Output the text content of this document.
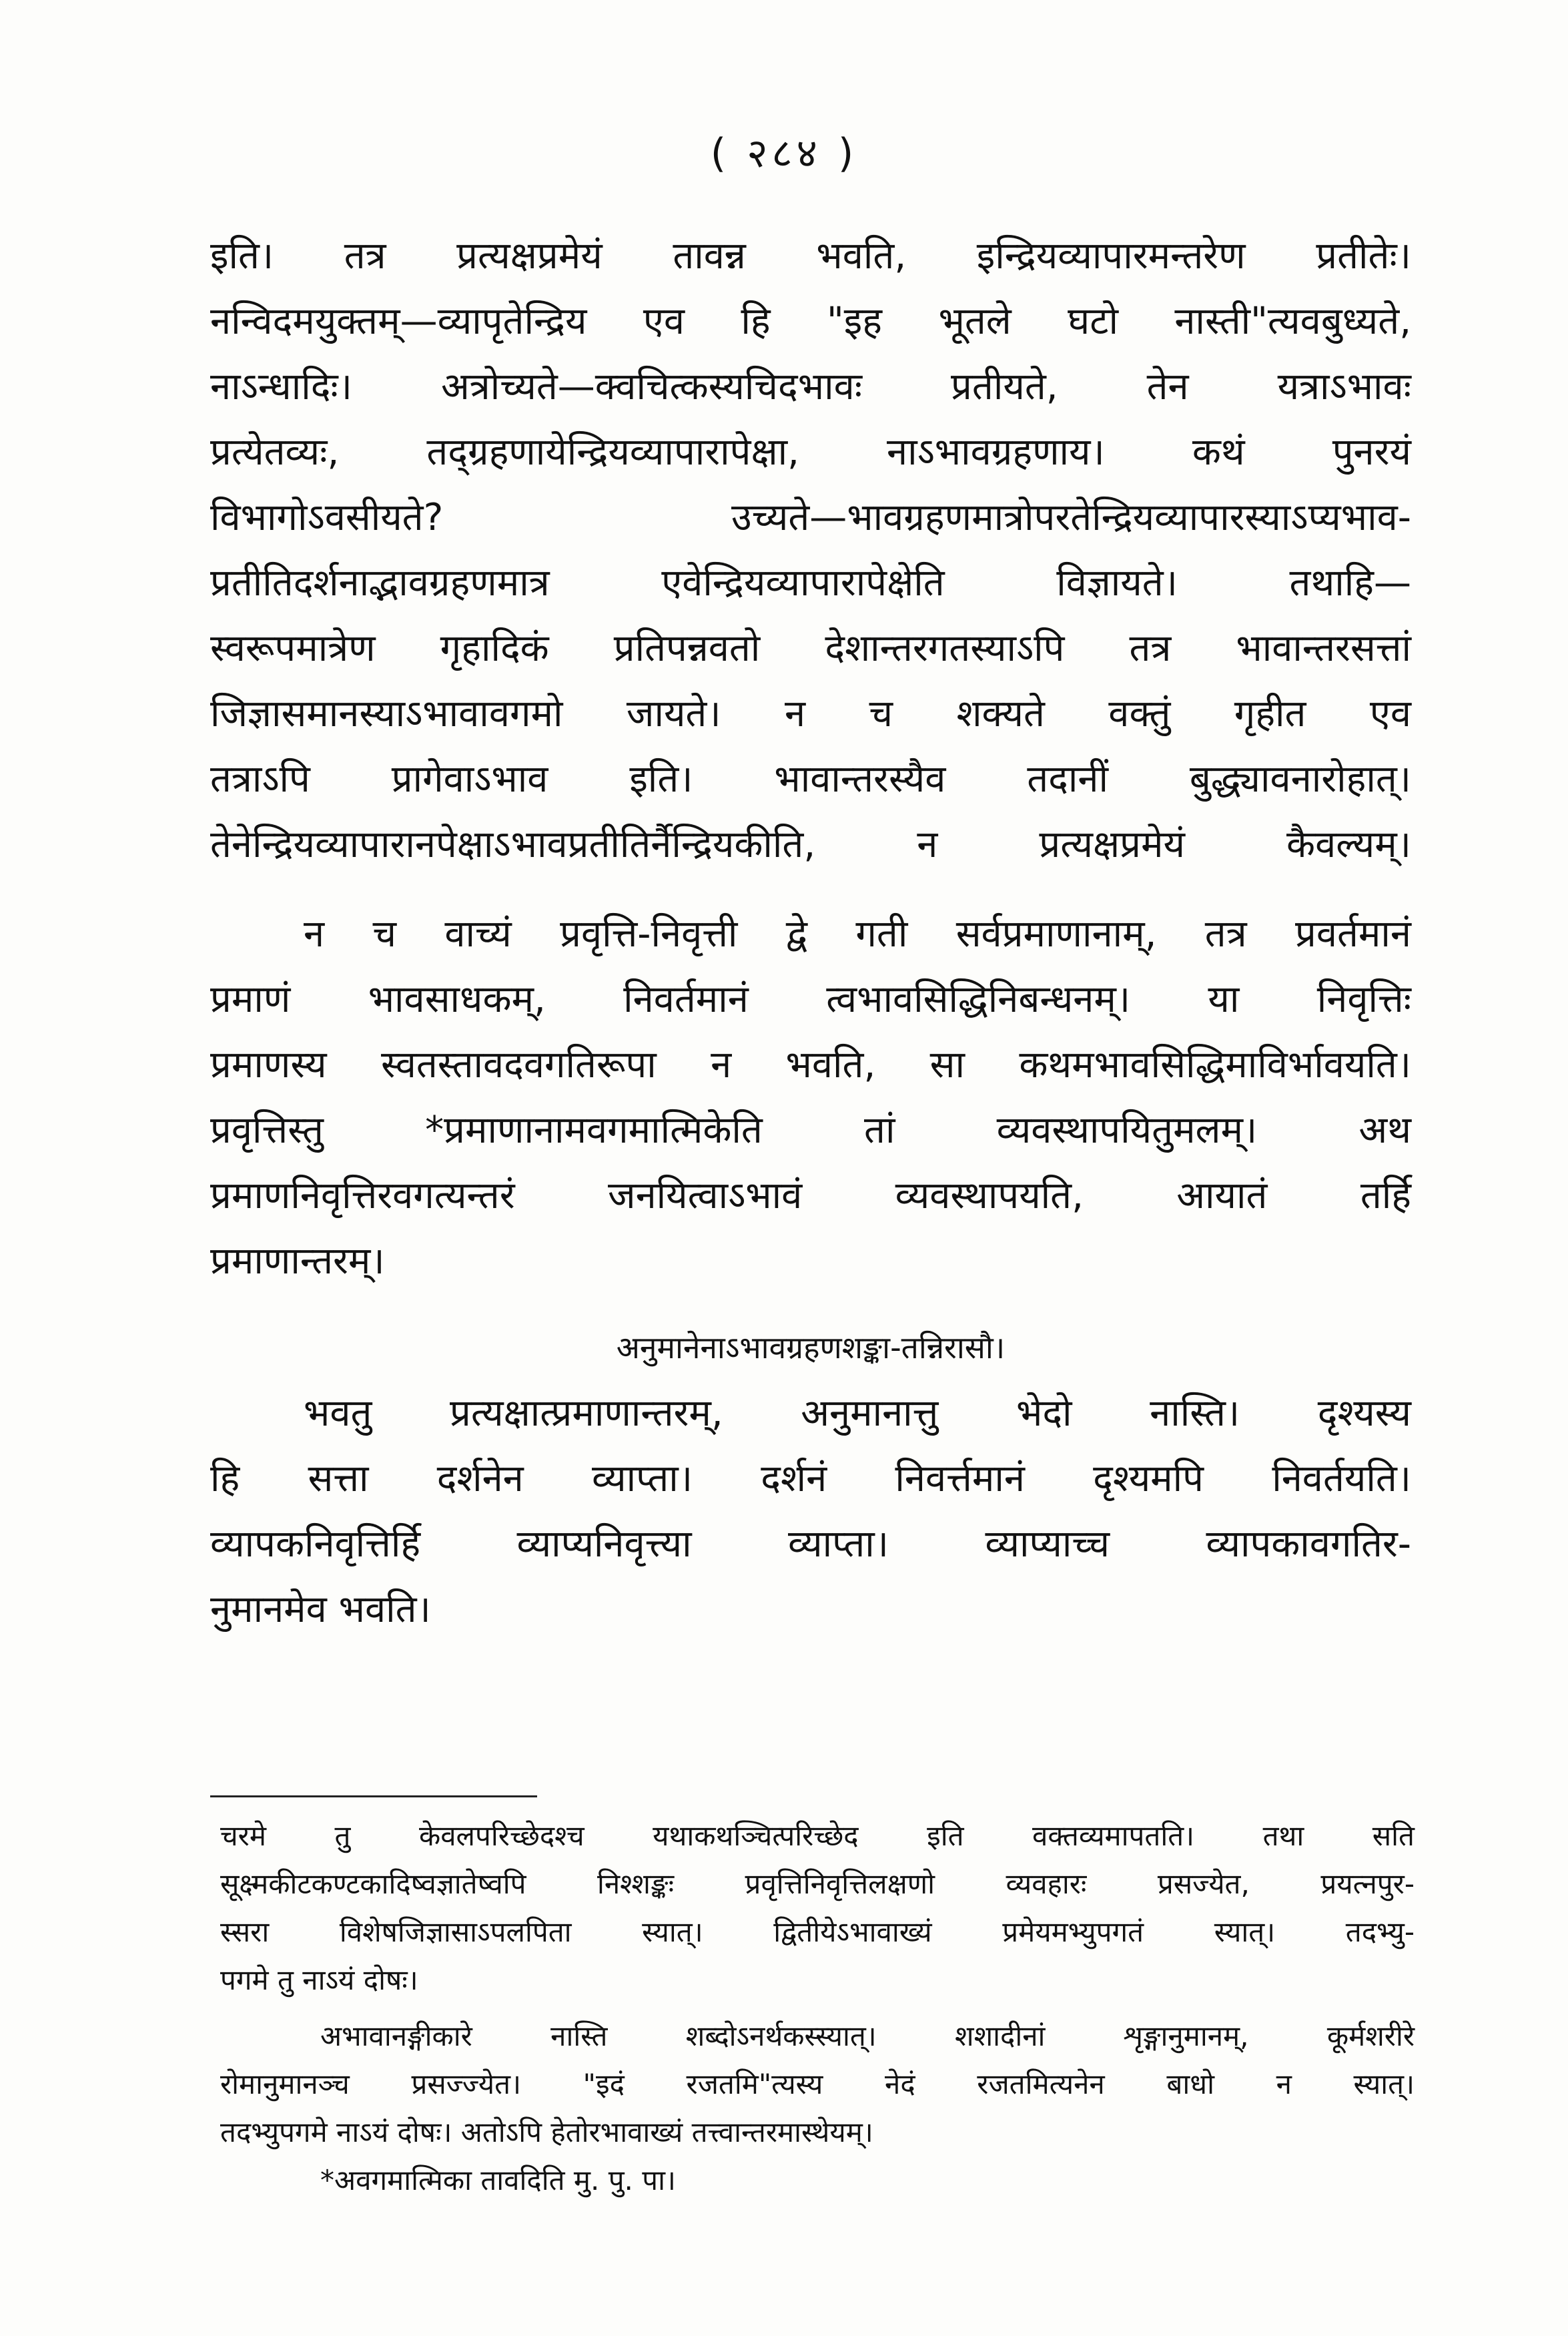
( २८४ )

इति। तत्र प्रत्यक्षप्रमेयं तावन्न भवति, इन्द्रियव्यापारमन्तरेण प्रतीतेः।
नन्विदमयुक्तम्—व्यापृतेन्द्रिय एव हि "इह भूतले घटो नास्ती"त्यवबुध्यते,
नाऽन्धादिः। अत्रोच्यते—क्वचित्कस्यचिदभावः प्रतीयते, तेन यत्राऽभावः
प्रत्येतव्यः, तद्ग्रहणायेन्द्रियव्यापारापेक्षा, नाऽभावग्रहणाय। कथं पुनरयं
विभागोऽवसीयते? उच्यते—भावग्रहणमात्रोपरतेन्द्रियव्यापारस्याऽप्यभाव-
प्रतीतिदर्शनाद्भावग्रहणमात्र एवेन्द्रियव्यापारापेक्षेति विज्ञायते। तथाहि—
स्वरूपमात्रेण गृहादिकं प्रतिपन्नवतो देशान्तरगतस्याऽपि तत्र भावान्तरसत्तां
जिज्ञासमानस्याऽभावावगमो जायते। न च शक्यते वक्तुं गृहीत एव
तत्राऽपि प्रागेवाऽभाव इति। भावान्तरस्यैव तदानीं बुद्ध्यावनारोहात्।
तेनेन्द्रियव्यापारानपेक्षाऽभावप्रतीतिर्नैन्द्रियकीति, न प्रत्यक्षप्रमेयं कैवल्यम्।

न च वाच्यं प्रवृत्ति-निवृत्ती द्वे गती सर्वप्रमाणानाम्, तत्र प्रवर्तमानं
प्रमाणं भावसाधकम्, निवर्तमानं त्वभावसिद्धिनिबन्धनम्। या निवृत्तिः
प्रमाणस्य स्वतस्तावदवगतिरूपा न भवति, सा कथमभावसिद्धिमाविर्भावयति।
प्रवृत्तिस्तु *प्रमाणानामवगमात्मिकेति तां व्यवस्थापयितुमलम्। अथ
प्रमाणनिवृत्तिरवगत्यन्तरं जनयित्वाऽभावं व्यवस्थापयति, आयातं तर्हि
प्रमाणान्तरम्।

अनुमानेनाऽभावग्रहणशङ्का-तन्निरासौ।

भवतु प्रत्यक्षात्प्रमाणान्तरम्, अनुमानात्तु भेदो नास्ति। दृश्यस्य
हि सत्ता दर्शनेन व्याप्ता। दर्शनं निवर्त्तमानं दृश्यमपि निवर्तयति।
व्यापकनिवृत्तिर्हि व्याप्यनिवृत्त्या व्याप्ता। व्याप्याच्च व्यापकावगतिर-
नुमानमेव भवति।

चरमे तु केवलपरिच्छेदश्च यथाकथञ्चित्परिच्छेद इति वक्तव्यमापतति। तथा सति
सूक्ष्मकीटकण्टकादिष्वज्ञातेष्वपि निश्शङ्कः प्रवृत्तिनिवृत्तिलक्षणो व्यवहारः प्रसज्येत, प्रयत्नपुर-
स्सरा विशेषजिज्ञासाऽपलपिता स्यात्। द्वितीयेऽभावाख्यं प्रमेयमभ्युपगतं स्यात्। तदभ्यु-
पगमे तु नाऽयं दोषः।

अभावानङ्गीकारे नास्ति शब्दोऽनर्थकस्स्यात्। शशादीनां शृङ्गानुमानम्, कूर्मशरीरे
रोमानुमानञ्च प्रसज्ज्येत। "इदं रजतमि"त्यस्य नेदं रजतमित्यनेन बाधो न स्यात्।
तदभ्युपगमे नाऽयं दोषः। अतोऽपि हेतोरभावाख्यं तत्त्वान्तरमास्थेयम्।

*अवगमात्मिका तावदिति मु. पु. पा।
